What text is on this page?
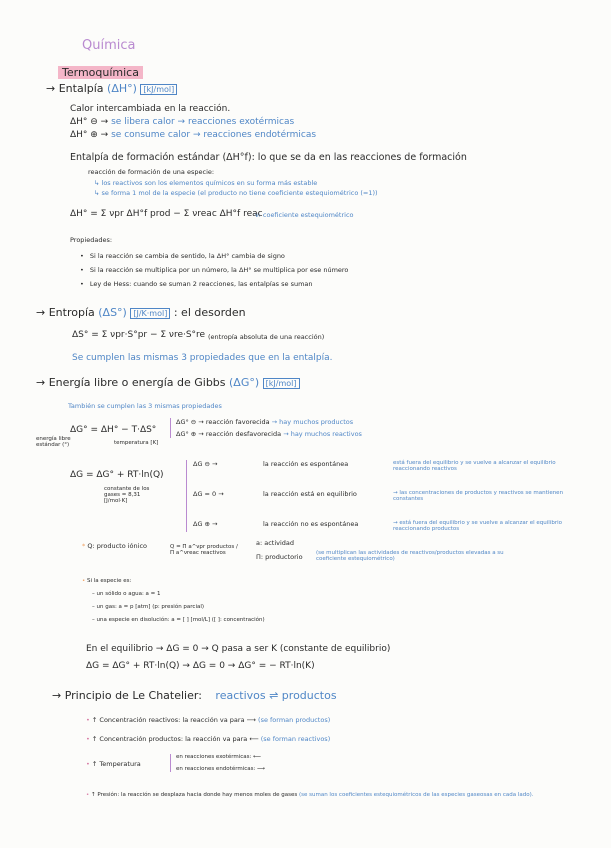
Química
Termoquímica
→ Entalpía (ΔH°) [kJ/mol]
Calor intercambiada en la reacción.
ΔH° ⊖ → se libera calor → reacciones exotérmicas
ΔH° ⊕ → se consume calor → reacciones endotérmicas
Entalpía de formación estándar (ΔH°f): lo que se da en las reacciones de formación
reacción de formación de una especie:
↳ los reactivos son los elementos químicos en su forma más estable
↳ se forma 1 mol de la especie (el producto no tiene coeficiente estequiométrico (=1))
ΔH° = Σ νpr ΔH°f prod − Σ νreac ΔH°f reac
ν: coeficiente estequiométrico
Propiedades:
• Si la reacción se cambia de sentido, la ΔH° cambia de signo
• Si la reacción se multiplica por un número, la ΔH° se multiplica por ese número
• Ley de Hess: cuando se suman 2 reacciones, las entalpías se suman
→ Entropía (ΔS°) [J/K·mol] : el desorden
ΔS° = Σ νpr·S°pr − Σ νre·S°re (entropía absoluta de una reacción)
Se cumplen las mismas 3 propiedades que en la entalpía.
→ Energía libre o energía de Gibbs (ΔG°) [kJ/mol]
También se cumplen las 3 mismas propiedades
energía libre estándar (°)
ΔG° = ΔH° − T·ΔS°
temperatura [K]
ΔG° ⊖ → reacción favorecida → hay muchos productos
ΔG° ⊕ → reacción desfavorecida → hay muchos reactivos
ΔG = ΔG° + RT·ln(Q)
constante de los gases = 8,31 [J/mol·K]
ΔG ⊖ →	la reacción es espontánea	está fuera del equilibrio y se vuelve a alcanzar el equilibrio reaccionando reactivos
ΔG = 0 →	la reacción está en equilibrio	→ las concentraciones de productos y reactivos se mantienen constantes
ΔG ⊕ →	la reacción no es espontánea	→ está fuera del equilibrio y se vuelve a alcanzar el equilibrio reaccionando productos
* Q: producto iónico	Q = Π a^νpr productos / Π a^νreac reactivos
a: actividad
Π: productorio (se multiplican las actividades de reactivos/productos elevadas a su coeficiente estequiométrico)
• Si la especie es:
– un sólido o agua: a = 1
– un gas: a = p [atm] (p: presión parcial)
– una especie en disolución: a = [ ] [mol/L] ([ ]: concentración)
En el equilibrio → ΔG = 0 → Q pasa a ser K (constante de equilibrio)
ΔG = ΔG° + RT·ln(Q) → ΔG = 0 → ΔG° = − RT·ln(K)
→ Principio de Le Chatelier: reactivos ⇌ productos
• ↑ Concentración reactivos: la reacción va para ⟶ (se forman productos)
• ↑ Concentración productos: la reacción va para ⟵ (se forman reactivos)
• ↑ Temperatura
en reacciones exotérmicas: ⟵
en reacciones endotérmicas: ⟶
• ↑ Presión: la reacción se desplaza hacia donde hay menos moles de gases (se suman los coeficientes estequiométricos de las especies gaseosas en cada lado).
